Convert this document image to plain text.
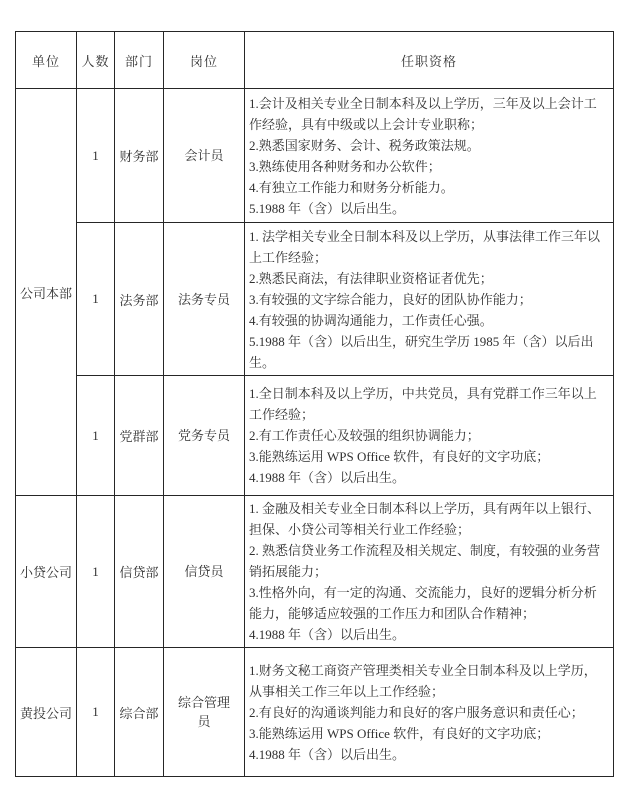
单位	人数	部门	岗位	任职资格
公司本部	1	财务部	会计员	1.会计及相关专业全日制本科及以上学历，三年及以上会计工作经验，具有中级或以上会计专业职称；
2.熟悉国家财务、会计、税务政策法规。
3.熟练使用各种财务和办公软件；
4.有独立工作能力和财务分析能力。
5.1988 年（含）以后出生。

	1	法务部	法务专员	1. 法学相关专业全日制本科及以上学历，从事法律工作三年以上工作经验；
2.熟悉民商法，有法律职业资格证者优先；
3.有较强的文字综合能力，良好的团队协作能力；
4.有较强的协调沟通能力，工作责任心强。
5.1988 年（含）以后出生，研究生学历 1985 年（含）以后出生。

	1	党群部	党务专员	1.全日制本科及以上学历，中共党员，具有党群工作三年以上工作经验；
2.有工作责任心及较强的组织协调能力；
3.能熟练运用 WPS Office 软件，有良好的文字功底；
4.1988 年（含）以后出生。

小贷公司	1	信贷部	信贷员	1. 金融及相关专业全日制本科以上学历，具有两年以上银行、担保、小贷公司等相关行业工作经验；
2. 熟悉信贷业务工作流程及相关规定、制度，有较强的业务营销拓展能力；
3.性格外向，有一定的沟通、交流能力，良好的逻辑分析分析能力，能够适应较强的工作压力和团队合作精神；
4.1988 年（含）以后出生。

黄投公司	1	综合部	综合管理员	1.财务文秘工商资产管理类相关专业全日制本科及以上学历，从事相关工作三年以上工作经验；
2.有良好的沟通谈判能力和良好的客户服务意识和责任心；
3.能熟练运用 WPS Office 软件，有良好的文字功底；
4.1988 年（含）以后出生。
